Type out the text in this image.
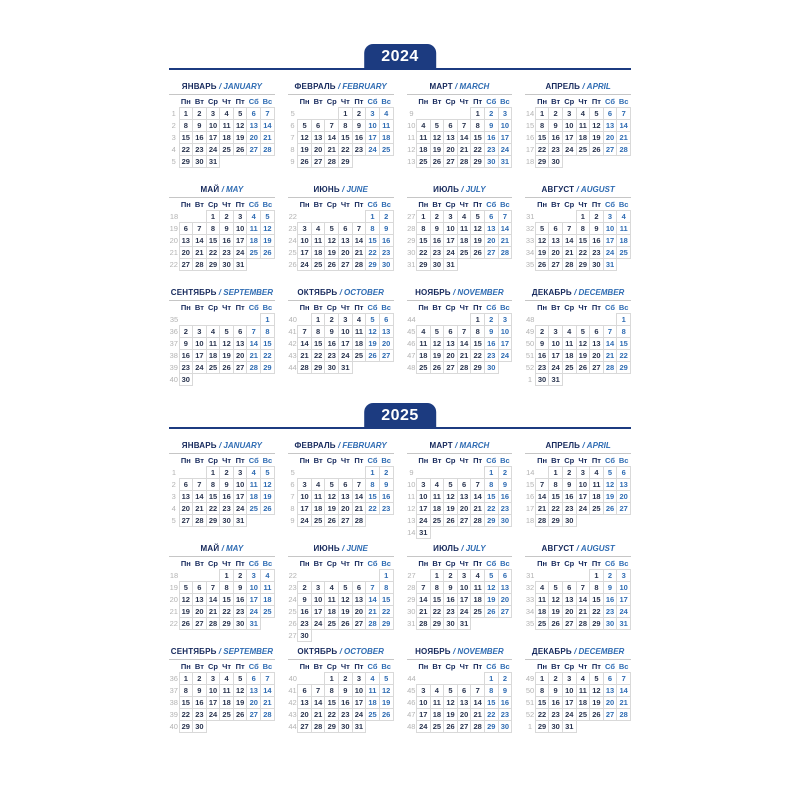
2024
ЯНВАРЬ / JANUARY
	Пн	Вт	Ср	Чт	Пт	Сб	Вс
1	1	2	3	4	5	6	7
2	8	9	10	11	12	13	14
3	15	16	17	18	19	20	21
4	22	23	24	25	26	27	28
5	29	30	31				
ФЕВРАЛЬ / FEBRUARY
	Пн	Вт	Ср	Чт	Пт	Сб	Вс
5				1	2	3	4
6	5	6	7	8	9	10	11
7	12	13	14	15	16	17	18
8	19	20	21	22	23	24	25
9	26	27	28	29			
МАРТ / MARCH
	Пн	Вт	Ср	Чт	Пт	Сб	Вс
9					1	2	3
10	4	5	6	7	8	9	10
11	11	12	13	14	15	16	17
12	18	19	20	21	22	23	24
13	25	26	27	28	29	30	31
АПРЕЛЬ / APRIL
	Пн	Вт	Ср	Чт	Пт	Сб	Вс
14	1	2	3	4	5	6	7
15	8	9	10	11	12	13	14
16	15	16	17	18	19	20	21
17	22	23	24	25	26	27	28
18	29	30					
МАЙ / MAY
	Пн	Вт	Ср	Чт	Пт	Сб	Вс
18			1	2	3	4	5
19	6	7	8	9	10	11	12
20	13	14	15	16	17	18	19
21	20	21	22	23	24	25	26
22	27	28	29	30	31		
ИЮНЬ / JUNE
	Пн	Вт	Ср	Чт	Пт	Сб	Вс
22						1	2
23	3	4	5	6	7	8	9
24	10	11	12	13	14	15	16
25	17	18	19	20	21	22	23
26	24	25	26	27	28	29	30
ИЮЛЬ / JULY
	Пн	Вт	Ср	Чт	Пт	Сб	Вс
27	1	2	3	4	5	6	7
28	8	9	10	11	12	13	14
29	15	16	17	18	19	20	21
30	22	23	24	25	26	27	28
31	29	30	31				
АВГУСТ / AUGUST
	Пн	Вт	Ср	Чт	Пт	Сб	Вс
31				1	2	3	4
32	5	6	7	8	9	10	11
33	12	13	14	15	16	17	18
34	19	20	21	22	23	24	25
35	26	27	28	29	30	31	
СЕНТЯБРЬ / SEPTEMBER
	Пн	Вт	Ср	Чт	Пт	Сб	Вс
35							1
36	2	3	4	5	6	7	8
37	9	10	11	12	13	14	15
38	16	17	18	19	20	21	22
39	23	24	25	26	27	28	29
40	30						
ОКТЯБРЬ / OCTOBER
	Пн	Вт	Ср	Чт	Пт	Сб	Вс
40		1	2	3	4	5	6
41	7	8	9	10	11	12	13
42	14	15	16	17	18	19	20
43	21	22	23	24	25	26	27
44	28	29	30	31			
НОЯБРЬ / NOVEMBER
	Пн	Вт	Ср	Чт	Пт	Сб	Вс
44					1	2	3
45	4	5	6	7	8	9	10
46	11	12	13	14	15	16	17
47	18	19	20	21	22	23	24
48	25	26	27	28	29	30	
ДЕКАБРЬ / DECEMBER
	Пн	Вт	Ср	Чт	Пт	Сб	Вс
48							1
49	2	3	4	5	6	7	8
50	9	10	11	12	13	14	15
51	16	17	18	19	20	21	22
52	23	24	25	26	27	28	29
1	30	31					
2025
ЯНВАРЬ / JANUARY
	Пн	Вт	Ср	Чт	Пт	Сб	Вс
1			1	2	3	4	5
2	6	7	8	9	10	11	12
3	13	14	15	16	17	18	19
4	20	21	22	23	24	25	26
5	27	28	29	30	31		
ФЕВРАЛЬ / FEBRUARY
	Пн	Вт	Ср	Чт	Пт	Сб	Вс
5						1	2
6	3	4	5	6	7	8	9
7	10	11	12	13	14	15	16
8	17	18	19	20	21	22	23
9	24	25	26	27	28		
МАРТ / MARCH
	Пн	Вт	Ср	Чт	Пт	Сб	Вс
9						1	2
10	3	4	5	6	7	8	9
11	10	11	12	13	14	15	16
12	17	18	19	20	21	22	23
13	24	25	26	27	28	29	30
14	31						
АПРЕЛЬ / APRIL
	Пн	Вт	Ср	Чт	Пт	Сб	Вс
14		1	2	3	4	5	6
15	7	8	9	10	11	12	13
16	14	15	16	17	18	19	20
17	21	22	23	24	25	26	27
18	28	29	30				
МАЙ / MAY
	Пн	Вт	Ср	Чт	Пт	Сб	Вс
18				1	2	3	4
19	5	6	7	8	9	10	11
20	12	13	14	15	16	17	18
21	19	20	21	22	23	24	25
22	26	27	28	29	30	31	
ИЮНЬ / JUNE
	Пн	Вт	Ср	Чт	Пт	Сб	Вс
22							1
23	2	3	4	5	6	7	8
24	9	10	11	12	13	14	15
25	16	17	18	19	20	21	22
26	23	24	25	26	27	28	29
27	30						
ИЮЛЬ / JULY
	Пн	Вт	Ср	Чт	Пт	Сб	Вс
27		1	2	3	4	5	6
28	7	8	9	10	11	12	13
29	14	15	16	17	18	19	20
30	21	22	23	24	25	26	27
31	28	29	30	31			
АВГУСТ / AUGUST
	Пн	Вт	Ср	Чт	Пт	Сб	Вс
31					1	2	3
32	4	5	6	7	8	9	10
33	11	12	13	14	15	16	17
34	18	19	20	21	22	23	24
35	25	26	27	28	29	30	31
СЕНТЯБРЬ / SEPTEMBER
	Пн	Вт	Ср	Чт	Пт	Сб	Вс
36	1	2	3	4	5	6	7
37	8	9	10	11	12	13	14
38	15	16	17	18	19	20	21
39	22	23	24	25	26	27	28
40	29	30					
ОКТЯБРЬ / OCTOBER
	Пн	Вт	Ср	Чт	Пт	Сб	Вс
40			1	2	3	4	5
41	6	7	8	9	10	11	12
42	13	14	15	16	17	18	19
43	20	21	22	23	24	25	26
44	27	28	29	30	31		
НОЯБРЬ / NOVEMBER
	Пн	Вт	Ср	Чт	Пт	Сб	Вс
44						1	2
45	3	4	5	6	7	8	9
46	10	11	12	13	14	15	16
47	17	18	19	20	21	22	23
48	24	25	26	27	28	29	30
ДЕКАБРЬ / DECEMBER
	Пн	Вт	Ср	Чт	Пт	Сб	Вс
49	1	2	3	4	5	6	7
50	8	9	10	11	12	13	14
51	15	16	17	18	19	20	21
52	22	23	24	25	26	27	28
1	29	30	31				
